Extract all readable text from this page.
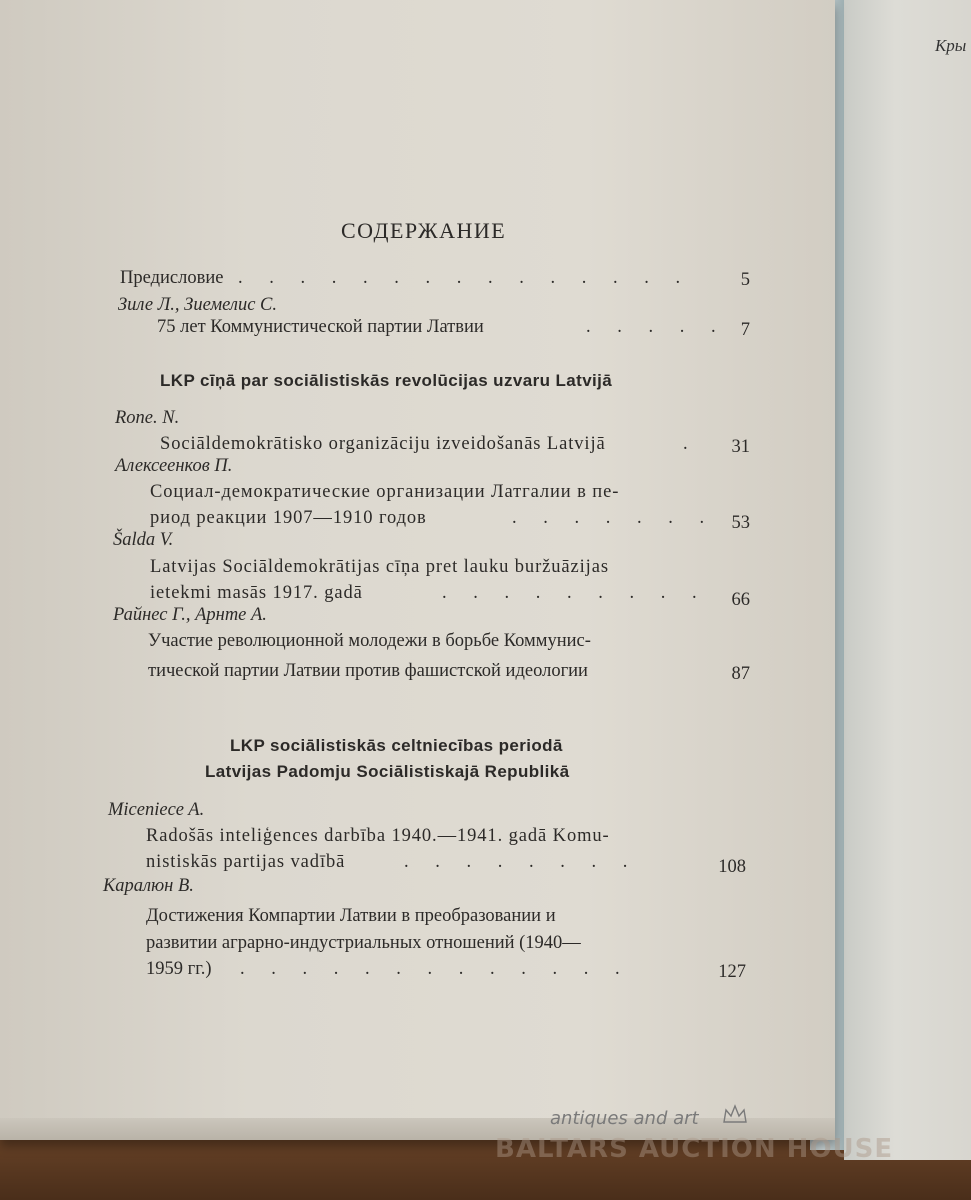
Кры
СОДЕРЖАНИЕ
Предисловие . . . . . . . . . . . . . . .	5
Зиле Л., Зиемелис С.
75 лет Коммунистической партии Латвии	. . . . . 7
LKP cīņā par sociālistiskās revolūcijas uzvaru Latvijā
Rone. N.
Sociāldemokrātisko organizāciju izveidošanās Latvijā	.	31
Алексеенков П.
Социал-демократические организации Латгалии в пе-
риод реакции 1907—1910 годов	. . . . . . . 53
Šalda V.
Latvijas Sociāldemokrātijas cīņa pret lauku buržuāzijas
ietekmi masās 1917. gadā	. . . . . . . . .	66
Райнес Г., Арнте А.
Участие революционной молодежи в борьбе Коммунис-
тической партии Латвии против фашистской идеологии	87
LKP sociālistiskās celtniecības periodā
Latvijas Padomju Sociālistiskajā Republikā
Miceniece A.
Radošās inteliģences darbība 1940.—1941. gadā Komu-
nistiskās partijas vadībā	. . . . . . . .	108
Каралюн В.
Достижения Компартии Латвии в преобразовании и
развитии аграрно-индустриальных отношений (1940—
1959 гг.) . . . . . . . . . . . . .	127
antiques and art
BALTARS AUCTION HOUSE
